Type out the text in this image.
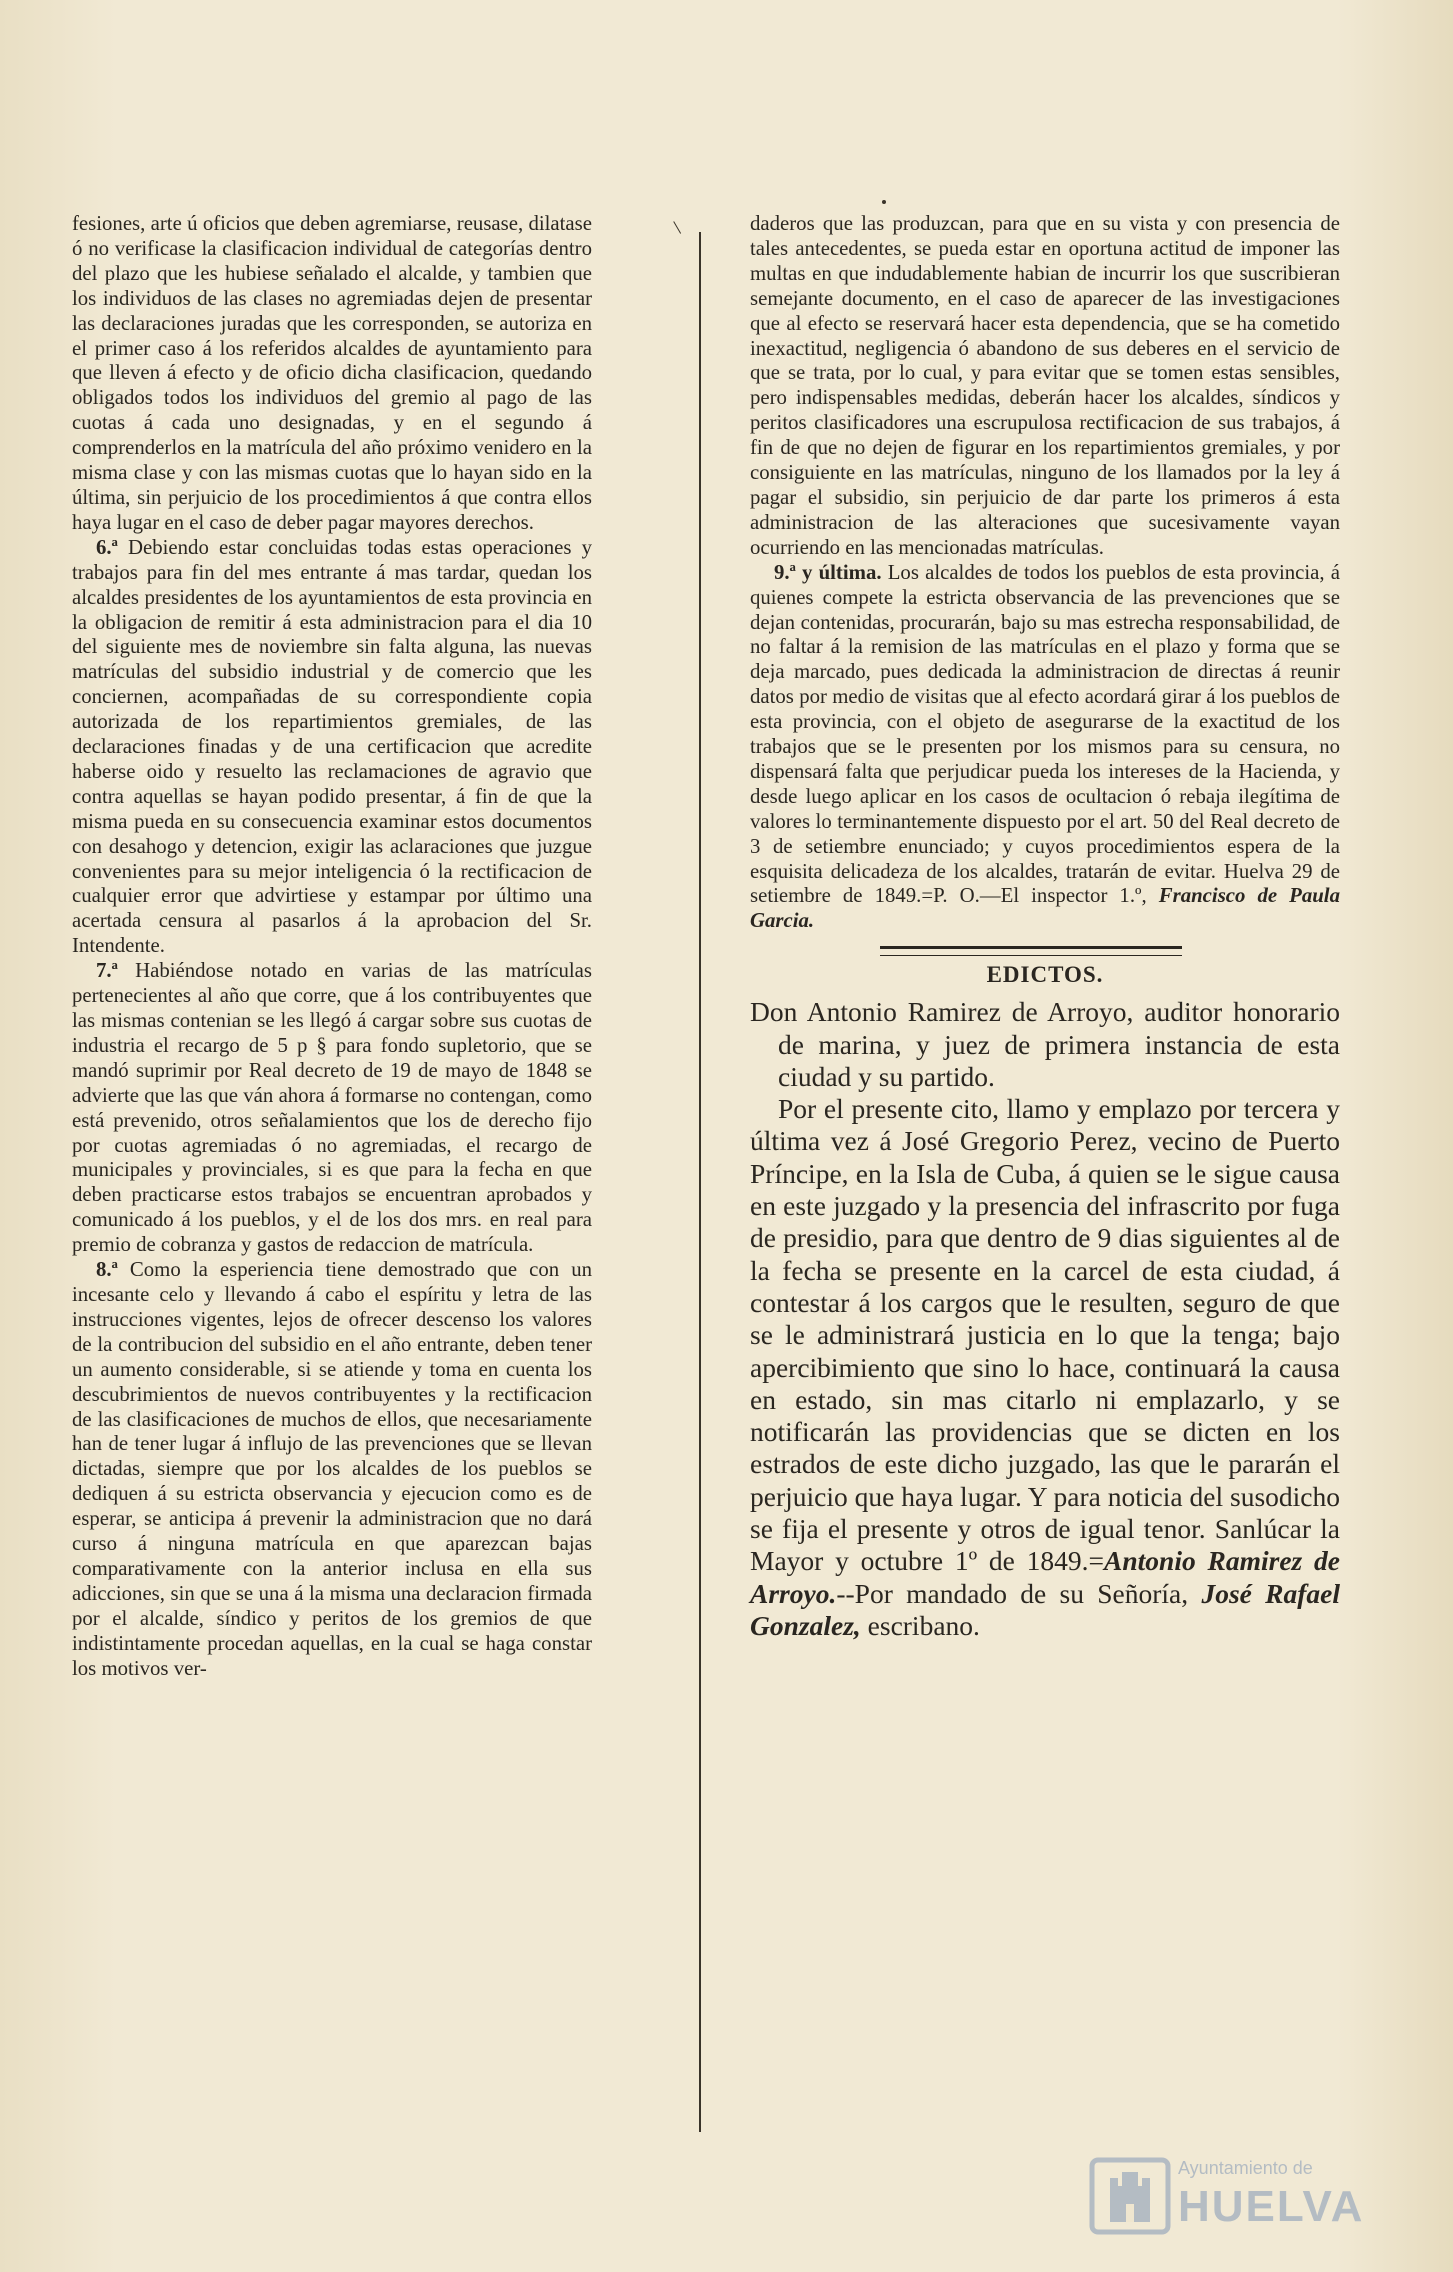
fesiones, arte ú oficios que deben agremiarse, reusase, dilatase ó no verificase la clasificacion individual de categorías dentro del plazo que les hubiese señalado el alcalde, y tambien que los individuos de las clases no agremiadas dejen de presentar las declaraciones juradas que les corresponden, se autoriza en el primer caso á los referidos alcaldes de ayuntamiento para que lleven á efecto y de oficio dicha clasificacion, quedando obligados todos los individuos del gremio al pago de las cuotas á cada uno designadas, y en el segundo á comprenderlos en la matrícula del año próximo venidero en la misma clase y con las mismas cuotas que lo hayan sido en la última, sin perjuicio de los procedimientos á que contra ellos haya lugar en el caso de deber pagar mayores derechos.

6.ª Debiendo estar concluidas todas estas operaciones y trabajos para fin del mes entrante á mas tardar, quedan los alcaldes presidentes de los ayuntamientos de esta provincia en la obligacion de remitir á esta administracion para el dia 10 del siguiente mes de noviembre sin falta alguna, las nuevas matrículas del subsidio industrial y de comercio que les conciernen, acompañadas de su correspondiente copia autorizada de los repartimientos gremiales, de las declaraciones finadas y de una certificacion que acredite haberse oido y resuelto las reclamaciones de agravio que contra aquellas se hayan podido presentar, á fin de que la misma pueda en su consecuencia examinar estos documentos con desahogo y detencion, exigir las aclaraciones que juzgue convenientes para su mejor inteligencia ó la rectificacion de cualquier error que advirtiese y estampar por último una acertada censura al pasarlos á la aprobacion del Sr. Intendente.

7.ª Habiéndose notado en varias de las matrículas pertenecientes al año que corre, que á los contribuyentes que las mismas contenian se les llegó á cargar sobre sus cuotas de industria el recargo de 5 p § para fondo supletorio, que se mandó suprimir por Real decreto de 19 de mayo de 1848 se advierte que las que ván ahora á formarse no contengan, como está prevenido, otros señalamientos que los de derecho fijo por cuotas agremiadas ó no agremiadas, el recargo de municipales y provinciales, si es que para la fecha en que deben practicarse estos trabajos se encuentran aprobados y comunicado á los pueblos, y el de los dos mrs. en real para premio de cobranza y gastos de redaccion de matrícula.

8.ª Como la esperiencia tiene demostrado que con un incesante celo y llevando á cabo el espíritu y letra de las instrucciones vigentes, lejos de ofrecer descenso los valores de la contribucion del subsidio en el año entrante, deben tener un aumento considerable, si se atiende y toma en cuenta los descubrimientos de nuevos contribuyentes y la rectificacion de las clasificaciones de muchos de ellos, que necesariamente han de tener lugar á influjo de las prevenciones que se llevan dictadas, siempre que por los alcaldes de los pueblos se dediquen á su estricta observancia y ejecucion como es de esperar, se anticipa á prevenir la administracion que no dará curso á ninguna matrícula en que aparezcan bajas comparativamente con la anterior inclusa en ella sus adicciones, sin que se una á la misma una declaracion firmada por el alcalde, síndico y peritos de los gremios de que indistintamente procedan aquellas, en la cual se haga constar los motivos ver-

daderos que las produzcan, para que en su vista y con presencia de tales antecedentes, se pueda estar en oportuna actitud de imponer las multas en que indudablemente habian de incurrir los que suscribieran semejante documento, en el caso de aparecer de las investigaciones que al efecto se reservará hacer esta dependencia, que se ha cometido inexactitud, negligencia ó abandono de sus deberes en el servicio de que se trata, por lo cual, y para evitar que se tomen estas sensibles, pero indispensables medidas, deberán hacer los alcaldes, síndicos y peritos clasificadores una escrupulosa rectificacion de sus trabajos, á fin de que no dejen de figurar en los repartimientos gremiales, y por consiguiente en las matrículas, ninguno de los llamados por la ley á pagar el subsidio, sin perjuicio de dar parte los primeros á esta administracion de las alteraciones que sucesivamente vayan ocurriendo en las mencionadas matrículas.

9.ª y última. Los alcaldes de todos los pueblos de esta provincia, á quienes compete la estricta observancia de las prevenciones que se dejan contenidas, procurarán, bajo su mas estrecha responsabilidad, de no faltar á la remision de las matrículas en el plazo y forma que se deja marcado, pues dedicada la administracion de directas á reunir datos por medio de visitas que al efecto acordará girar á los pueblos de esta provincia, con el objeto de asegurarse de la exactitud de los trabajos que se le presenten por los mismos para su censura, no dispensará falta que perjudicar pueda los intereses de la Hacienda, y desde luego aplicar en los casos de ocultacion ó rebaja ilegítima de valores lo terminantemente dispuesto por el art. 50 del Real decreto de 3 de setiembre enunciado; y cuyos procedimientos espera de la esquisita delicadeza de los alcaldes, tratarán de evitar. Huelva 29 de setiembre de 1849.=P. O.—El inspector 1.º, Francisco de Paula Garcia.

EDICTOS.

Don Antonio Ramirez de Arroyo, auditor honorario de marina, y juez de primera instancia de esta ciudad y su partido.

Por el presente cito, llamo y emplazo por tercera y última vez á José Gregorio Perez, vecino de Puerto Príncipe, en la Isla de Cuba, á quien se le sigue causa en este juzgado y la presencia del infrascrito por fuga de presidio, para que dentro de 9 dias siguientes al de la fecha se presente en la carcel de esta ciudad, á contestar á los cargos que le resulten, seguro de que se le administrará justicia en lo que la tenga; bajo apercibimiento que sino lo hace, continuará la causa en estado, sin mas citarlo ni emplazarlo, y se notificarán las providencias que se dicten en los estrados de este dicho juzgado, las que le pararán el perjuicio que haya lugar. Y para noticia del susodicho se fija el presente y otros de igual tenor. Sanlúcar la Mayor y octubre 1º de 1849.=Antonio Ramirez de Arroyo.--Por mandado de su Señoría, José Rafael Gonzalez, escribano.

Ayuntamiento de
HUELVA
